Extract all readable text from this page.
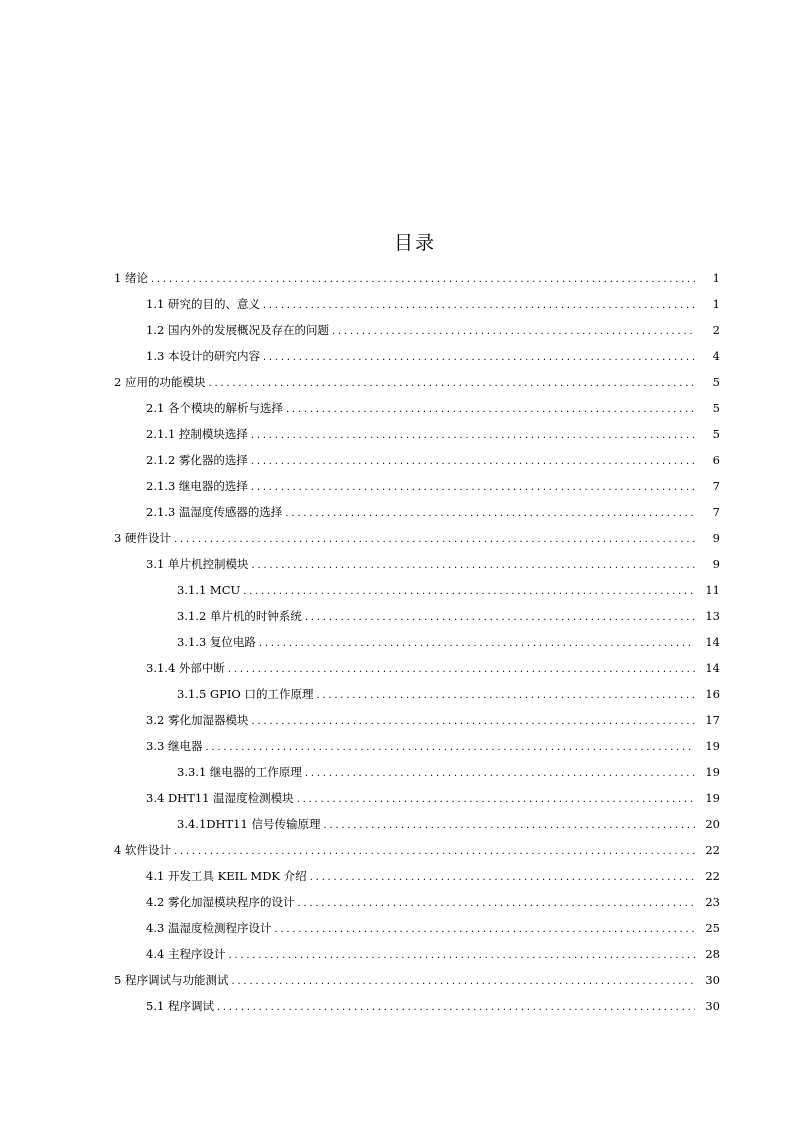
目录
1 绪论 . . .	1
1.1 研究的目的、意义 . . .	1
1.2 国内外的发展概况及存在的问题 . . .	2
1.3 本设计的研究内容 . . .	4
2 应用的功能模块 . . .	5
2.1 各个模块的解析与选择 . . .	5
2.1.1 控制模块选择 . . .	5
2.1.2 雾化器的选择 . . .	6
2.1.3 继电器的选择 . . .	7
2.1.3 温湿度传感器的选择 . . .	7
3 硬件设计 . . .	9
3.1 单片机控制模块 . . .	9
3.1.1 MCU . . .	11
3.1.2 单片机的时钟系统 . . .	13
3.1.3 复位电路 . . .	14
3.1.4 外部中断 . . .	14
3.1.5 GPIO 口的工作原理 . . .	16
3.2 雾化加湿器模块 . . .	17
3.3 继电器 . . .	19
3.3.1 继电器的工作原理 . . .	19
3.4 DHT11 温湿度检测模块 . . .	19
3.4.1DHT11 信号传输原理 . . .	20
4 软件设计 . . .	22
4.1 开发工具 KEIL MDK 介绍 . . .	22
4.2 雾化加湿模块程序的设计 . . .	23
4.3 温湿度检测程序设计 . . .	25
4.4 主程序设计 . . .	28
5 程序调试与功能测试 . . .	30
5.1 程序调试 . . .	30
